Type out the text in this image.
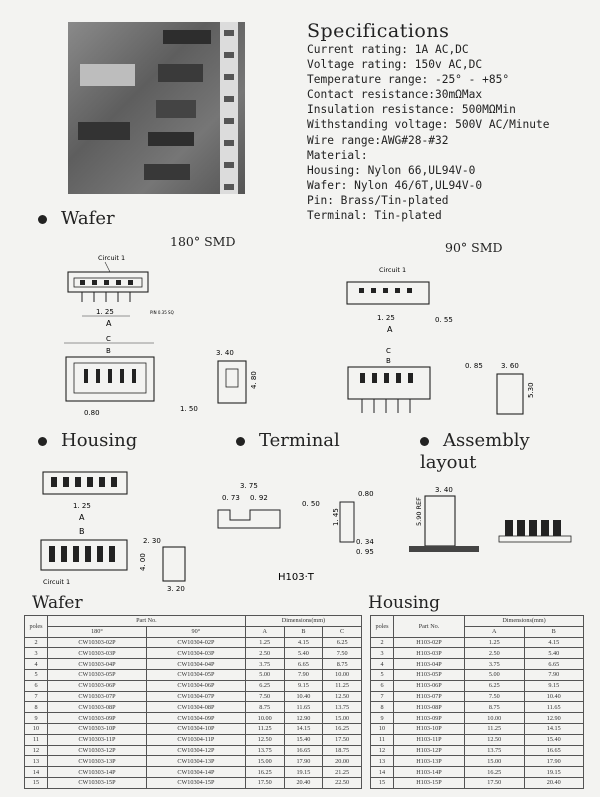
Specifications
Current rating: 1A AC,DC
Voltage rating: 150v AC,DC
Temperature range: -25° - +85°
Contact resistance:30mΩMax
Insulation resistance: 500MΩMin
Withstanding voltage: 500V AC/Minute
Wire range:AWG#28-#32
Material:
Housing: Nylon 66,UL94V-0
Wafer: Nylon 46/6T,UL94V-0
Pin: Brass/Tin-plated
Terminal: Tin-plated
Wafer
180° SMD	90° SMD
Circuit 1
1. 25
A
PIN 0.35 SQ
C
B
0.80
3. 40
4. 80
1. 50
Circuit 1
1. 25
A
0. 55
C
B
0. 85	3. 60
5.30
Housing	Terminal	Assembly layout
1. 25
A
B
Circuit 1
2. 30
4. 00
3. 20
3. 75
0. 73 0. 92
0. 50
0.80
1. 45
0. 34
0. 95
H103·T
3. 40
5.90 REF
Wafer	Housing
poles	Part No.		Dimensions(mm)		
	180°	90°	A	B	C
2	CW10303-02P	CW10304-02P	1.25	4.15	6.25
3	CW10303-03P	CW10304-03P	2.50	5.40	7.50
4	CW10303-04P	CW10304-04P	3.75	6.65	8.75
5	CW10303-05P	CW10304-05P	5.00	7.90	10.00
6	CW10303-06P	CW10304-06P	6.25	9.15	11.25
7	CW10303-07P	CW10304-07P	7.50	10.40	12.50
8	CW10303-08P	CW10304-08P	8.75	11.65	13.75
9	CW10303-09P	CW10304-09P	10.00	12.90	15.00
10	CW10303-10P	CW10304-10P	11.25	14.15	16.25
11	CW10303-11P	CW10304-11P	12.50	15.40	17.50
12	CW10303-12P	CW10304-12P	13.75	16.65	18.75
13	CW10303-13P	CW10304-13P	15.00	17.90	20.00
14	CW10303-14P	CW10304-14P	16.25	19.15	21.25
15	CW10303-15P	CW10304-15P	17.50	20.40	22.50
poles	Part No.	Dimensions(mm)	
		A	B
2	H103-02P	1.25	4.15
3	H103-03P	2.50	5.40
4	H103-04P	3.75	6.65
5	H103-05P	5.00	7.90
6	H103-06P	6.25	9.15
7	H103-07P	7.50	10.40
8	H103-08P	8.75	11.65
9	H103-09P	10.00	12.90
10	H103-10P	11.25	14.15
11	H103-11P	12.50	15.40
12	H103-12P	13.75	16.65
13	H103-13P	15.00	17.90
14	H103-14P	16.25	19.15
15	H103-15P	17.50	20.40
